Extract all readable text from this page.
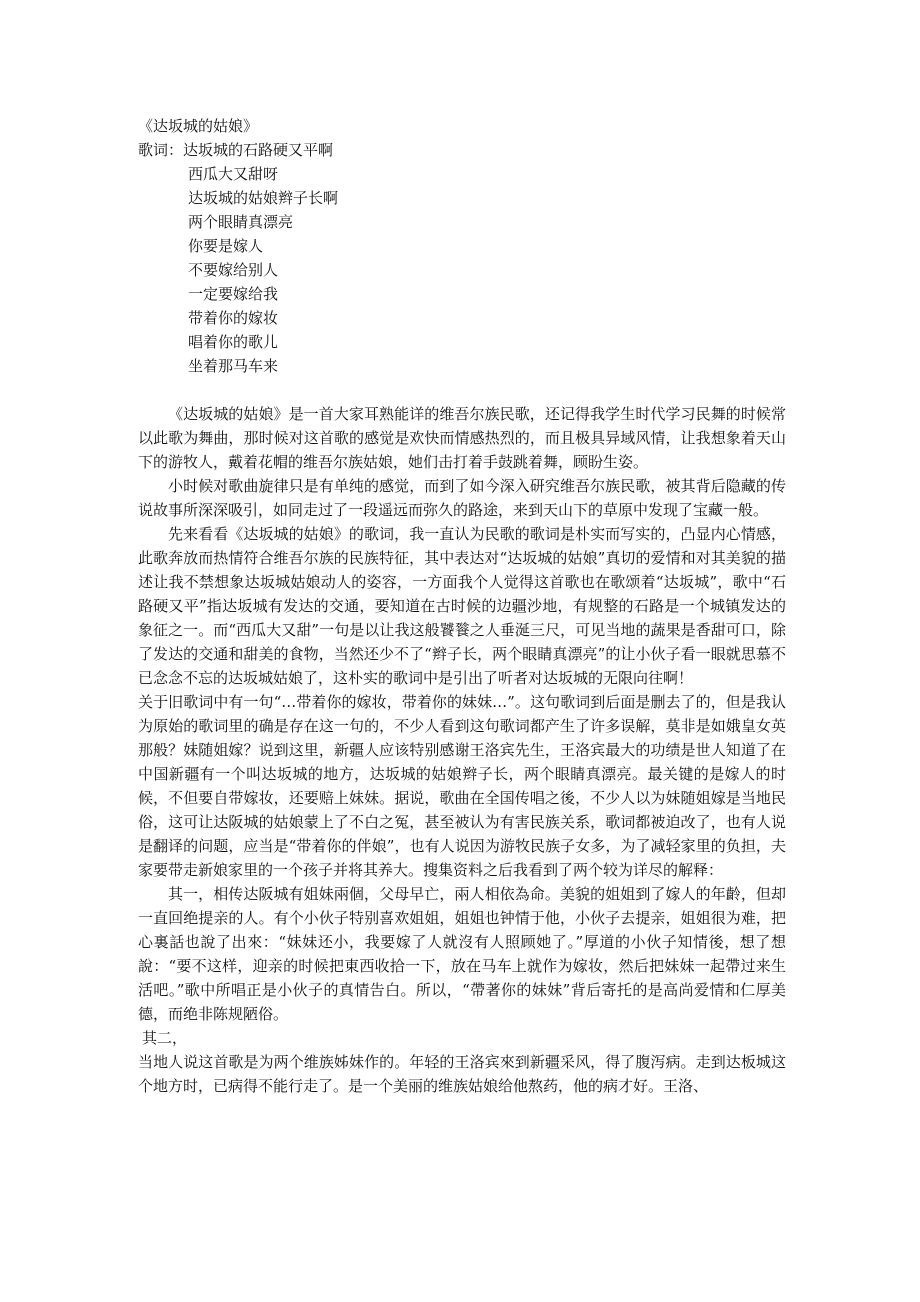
《达坂城的姑娘》

歌词：达坂城的石路硬又平啊

西瓜大又甜呀

达坂城的姑娘辫子长啊

两个眼睛真漂亮

你要是嫁人

不要嫁给别人

一定要嫁给我

带着你的嫁妆

唱着你的歌儿

坐着那马车来

《达坂城的姑娘》是一首大家耳熟能详的维吾尔族民歌，还记得我学生时代学习民舞的时候常以此歌为舞曲，那时候对这首歌的感觉是欢快而情感热烈的，而且极具异域风情，让我想象着天山下的游牧人，戴着花帽的维吾尔族姑娘，她们击打着手鼓跳着舞，顾盼生姿。

小时候对歌曲旋律只是有单纯的感觉，而到了如今深入研究维吾尔族民歌，被其背后隐藏的传说故事所深深吸引，如同走过了一段遥远而弥久的路途，来到天山下的草原中发现了宝藏一般。

先来看看《达坂城的姑娘》的歌词，我一直认为民歌的歌词是朴实而写实的，凸显内心情感，此歌奔放而热情符合维吾尔族的民族特征，其中表达对“达坂城的姑娘”真切的爱情和对其美貌的描述让我不禁想象达坂城姑娘动人的姿容，一方面我个人觉得这首歌也在歌颂着“达坂城”，歌中“石路硬又平”指达坂城有发达的交通，要知道在古时候的边疆沙地，有规整的石路是一个城镇发达的象征之一。而“西瓜大又甜”一句是以让我这般饕餮之人垂涎三尺，可见当地的蔬果是香甜可口，除了发达的交通和甜美的食物，当然还少不了“辫子长，两个眼睛真漂亮”的让小伙子看一眼就思慕不已念念不忘的达坂城姑娘了，这朴实的歌词中是引出了听者对达坂城的无限向往啊！

关于旧歌词中有一句“…带着你的嫁妆，带着你的妹妹…”。这句歌词到后面是删去了的，但是我认为原始的歌词里的确是存在这一句的，不少人看到这句歌词都产生了许多误解，莫非是如娥皇女英那般？妹随姐嫁？说到这里，新疆人应该特别感谢王洛宾先生，王洛宾最大的功绩是世人知道了在中国新疆有一个叫达坂城的地方，达坂城的姑娘辫子长，两个眼睛真漂亮。最关键的是嫁人的时候，不但要自带嫁妆，还要赔上妹妹。据说，歌曲在全国传唱之後，不少人以为妹随姐嫁是当地民俗，这可让达阪城的姑娘蒙上了不白之冤，甚至被认为有害民族关系，歌词都被迫改了，也有人说是翻译的问题，应当是“带着你的伴娘”，也有人说因为游牧民族子女多，为了减轻家里的负担，夫家要带走新娘家里的一个孩子并将其养大。搜集资料之后我看到了两个较为详尽的解释：

其一，相传达阪城有姐妹兩個，父母早亡，兩人相依為命。美貌的姐姐到了嫁人的年齡，但却一直回绝提亲的人。有个小伙子特别喜欢姐姐，姐姐也钟情于他，小伙子去提亲，姐姐很为难，把心裏話也說了出來：“妹妹还小，我要嫁了人就沒有人照顾她了。”厚道的小伙子知情後，想了想說：“要不这样，迎亲的时候把東西收拾一下，放在马车上就作为嫁妆，然后把妹妹一起帶过来生活吧。”歌中所唱正是小伙子的真情告白。所以，“帶著你的妹妹”背后寄托的是高尚爱情和仁厚美德，而绝非陈规陋俗。

其二，

当地人说这首歌是为两个维族姊妹作的。年轻的王洛宾來到新疆采风，得了腹泻病。走到达板城这个地方时，已病得不能行走了。是一个美丽的维族姑娘给他熬药，他的病才好。王洛、
